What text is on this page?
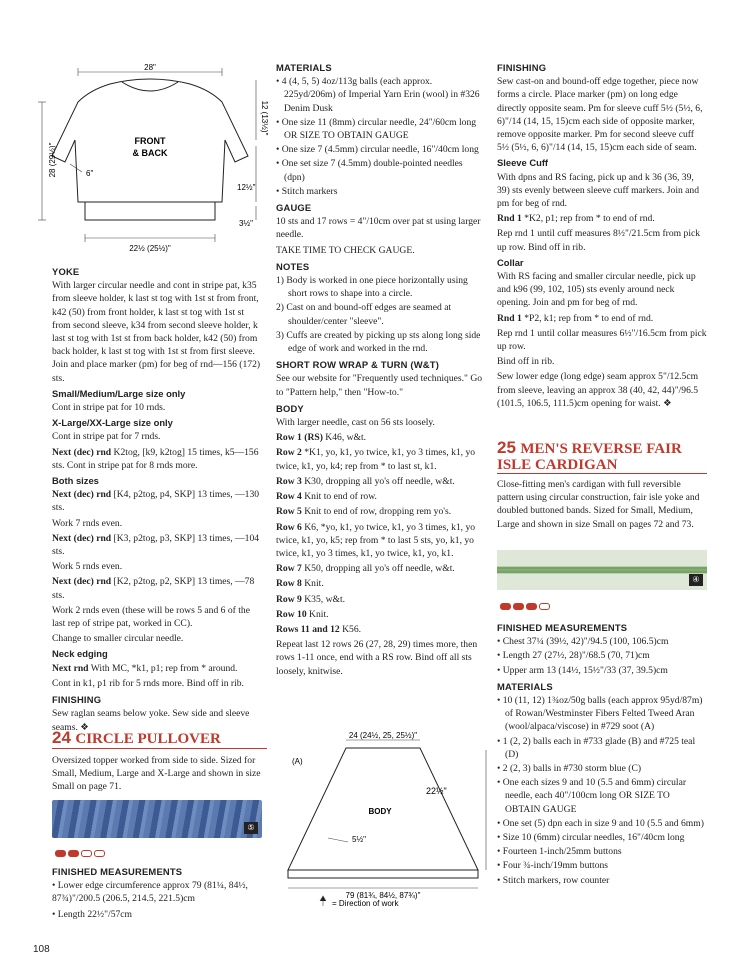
28"
FRONT
& BACK
12 (13½)"
28 (29½)"	6"
12½"
3½"
22½ (25½)"
YOKE

With larger circular needle and cont in stripe pat, k35 from sleeve holder, k last st tog with 1st st from front, k42 (50) from front holder, k last st tog with 1st st from second sleeve, k34 from second sleeve holder, k last st tog with 1st st from back holder, k42 (50) from back holder, k last st tog with 1st st from first sleeve. Join and place marker (pm) for beg of rnd—156 (172) sts.

Small/Medium/Large size only

Cont in stripe pat for 10 rnds.

X-Large/XX-Large size only

Cont in stripe pat for 7 rnds.

Next (dec) rnd K2tog, [k9, k2tog] 15 times, k5—156 sts. Cont in stripe pat for 8 rnds more.

Both sizes

Next (dec) rnd [K4, p2tog, p4, SKP] 13 times, —130 sts.

Work 7 rnds even.

Next (dec) rnd [K3, p2tog, p3, SKP] 13 times, —104 sts.

Work 5 rnds even.

Next (dec) rnd [K2, p2tog, p2, SKP] 13 times, —78 sts.

Work 2 rnds even (these will be rows 5 and 6 of the last rep of stripe pat, worked in CC).

Change to smaller circular needle.

Neck edging

Next rnd With MC, *k1, p1; rep from * around.

Cont in k1, p1 rib for 5 rnds more. Bind off in rib.

FINISHING

Sew raglan seams below yoke. Sew side and sleeve seams. ❖

24 CIRCLE PULLOVER

Oversized topper worked from side to side. Sized for Small, Medium, Large and X-Large and shown in size Small on page 71.

⑤
FINISHED MEASUREMENTS

• Lower edge circumference approx 79 (81¼, 84½, 87¾)"/200.5 (206.5, 214.5, 221.5)cm

• Length 22½"/57cm

MATERIALS
• 4 (4, 5, 5) 4oz/113g balls (each approx. 225yd/206m) of Imperial Yarn Erin (wool) in #326 Denim Dusk
• One size 11 (8mm) circular needle, 24"/60cm long OR SIZE TO OBTAIN GAUGE
• One size 7 (4.5mm) circular needle, 16"/40cm long
• One set size 7 (4.5mm) double-pointed needles (dpn)
• Stitch markers
GAUGE

10 sts and 17 rows = 4"/10cm over pat st using larger needle.

TAKE TIME TO CHECK GAUGE.

NOTES
1) Body is worked in one piece horizontally using short rows to shape into a circle.
2) Cast on and bound-off edges are seamed at shoulder/center "sleeve".
3) Cuffs are created by picking up sts along long side edge of work and worked in the rnd.
SHORT ROW WRAP & TURN (W&T)

See our website for "Frequently used techniques." Go to "Pattern help," then "How-to."

BODY

With larger needle, cast on 56 sts loosely.

Row 1 (RS) K46, w&t.

Row 2 *K1, yo, k1, yo twice, k1, yo 3 times, k1, yo twice, k1, yo, k4; rep from * to last st, k1.

Row 3 K30, dropping all yo's off needle, w&t.

Row 4 Knit to end of row.

Row 5 Knit to end of row, dropping rem yo's.

Row 6 K6, *yo, k1, yo twice, k1, yo 3 times, k1, yo twice, k1, yo, k5; rep from * to last 5 sts, yo, k1, yo twice, k1, yo 3 times, k1, yo twice, k1, yo, k1.

Row 7 K50, dropping all yo's off needle, w&t.

Row 8 Knit.

Row 9 K35, w&t.

Row 10 Knit.

Rows 11 and 12 K56.

Repeat last 12 rows 26 (27, 28, 29) times more, then rows 1-11 once, end with a RS row. Bind off all sts loosely, knitwise.

24 (24½, 25, 25½)"
22½"
(A)
BODY
5½"
79 (81¾, 84½, 87¾)"
= Direction of work
FINISHING

Sew cast-on and bound-off edge together, piece now forms a circle. Place marker (pm) on long edge directly opposite seam. Pm for sleeve cuff 5½ (5½, 6, 6)"/14 (14, 15, 15)cm each side of opposite marker, remove opposite marker. Pm for second sleeve cuff 5½ (5½, 6, 6)"/14 (14, 15, 15)cm each side of seam.

Sleeve Cuff

With dpns and RS facing, pick up and k 36 (36, 39, 39) sts evenly between sleeve cuff markers. Join and pm for beg of rnd.

Rnd 1 *K2, p1; rep from * to end of rnd.

Rep rnd 1 until cuff measures 8½"/21.5cm from pick up row. Bind off in rib.

Collar

With RS facing and smaller circular needle, pick up and k96 (99, 102, 105) sts evenly around neck opening. Join and pm for beg of rnd.

Rnd 1 *P2, k1; rep from * to end of rnd.

Rep rnd 1 until collar measures 6½"/16.5cm from pick up row.

Bind off in rib.

Sew lower edge (long edge) seam approx 5"/12.5cm from sleeve, leaving an approx 38 (40, 42, 44)"/96.5 (101.5, 106.5, 111.5)cm opening for waist. ❖

25 MEN'S REVERSE FAIR
ISLE CARDIGAN

Close-fitting men's cardigan with full reversible pattern using circular construction, fair isle yoke and doubled buttoned bands. Sized for Small, Medium, Large and shown in size Small on pages 72 and 73.

④
FINISHED MEASUREMENTS
• Chest 37¼ (39½, 42)"/94.5 (100, 106.5)cm
• Length 27 (27½, 28)"/68.5 (70, 71)cm
• Upper arm 13 (14½, 15½"/33 (37, 39.5)cm
MATERIALS
• 10 (11, 12) 1¾oz/50g balls (each approx 95yd/87m) of Rowan/Westminster Fibers Felted Tweed Aran (wool/alpaca/viscose) in #729 soot (A)
• 1 (2, 2) balls each in #733 glade (B) and #725 teal (D)
• 2 (2, 3) balls in #730 storm blue (C)
• One each sizes 9 and 10 (5.5 and 6mm) circular needle, each 40"/100cm long OR SIZE TO OBTAIN GAUGE
• One set (5) dpn each in size 9 and 10 (5.5 and 6mm)
• Size 10 (6mm) circular needles, 16"/40cm long
• Fourteen 1-inch/25mm buttons
• Four ¾-inch/19mm buttons
• Stitch markers, row counter
108
